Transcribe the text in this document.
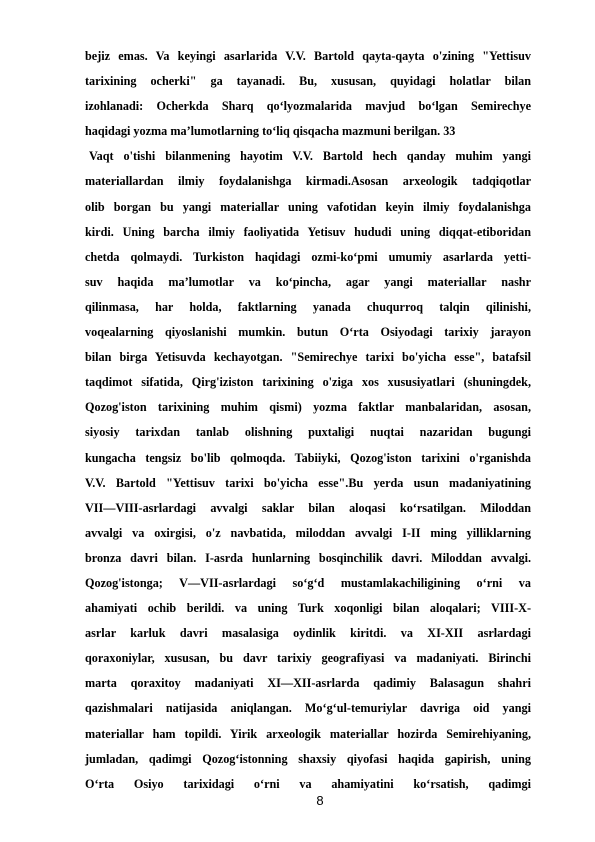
bejiz emas. Va keyingi asarlarida V.V. Bartold qayta-qayta o'zining "Yettisuv
tarixining ocherki" ga tayanadi. Bu, xususan, quyidagi holatlar bilan
izohlanadi: Ocherkda Sharq qo‘lyozmalarida mavjud bo‘lgan Semirechye
haqidagi yozma ma’lumotlarning to‘liq qisqacha mazmuni berilgan. 33
Vaqt o'tishi bilanmening hayotim V.V. Bartold hech qanday muhim yangi
materiallardan ilmiy foydalanishga kirmadi.Asosan arxeologik tadqiqotlar
olib borgan bu yangi materiallar uning vafotidan keyin ilmiy foydalanishga
kirdi. Uning barcha ilmiy faoliyatida Yetisuv hududi uning diqqat-etiboridan
chetda qolmaydi. Turkiston haqidagi ozmi-ko‘pmi umumiy asarlarda yetti-
suv haqida ma’lumotlar va ko‘pincha, agar yangi materiallar nashr
qilinmasa, har holda, faktlarning yanada chuqurroq talqin qilinishi,
voqealarning qiyoslanishi mumkin. butun O‘rta Osiyodagi tarixiy jarayon
bilan birga Yetisuvda kechayotgan. "Semirechye tarixi bo'yicha esse", batafsil
taqdimot sifatida, Qirg'iziston tarixining o'ziga xos xususiyatlari (shuningdek,
Qozog'iston tarixining muhim qismi) yozma faktlar manbalaridan, asosan,
siyosiy tarixdan tanlab olishning puxtaligi nuqtai nazaridan bugungi
kungacha tengsiz bo'lib qolmoqda. Tabiiyki, Qozog'iston tarixini o'rganishda
V.V. Bartold "Yettisuv tarixi bo'yicha esse".Bu yerda usun madaniyatining
VII—VIII-asrlardagi avvalgi saklar bilan aloqasi ko‘rsatilgan. Miloddan
avvalgi va oxirgisi, o'z navbatida, miloddan avvalgi I-II ming yilliklarning
bronza davri bilan. I-asrda hunlarning bosqinchilik davri. Miloddan avvalgi.
Qozog'istonga; V—VII-asrlardagi so‘g‘d mustamlakachiligining o‘rni va
ahamiyati ochib berildi. va uning Turk xoqonligi bilan aloqalari; VIII-X-
asrlar karluk davri masalasiga oydinlik kiritdi. va XI-XII asrlardagi
qoraxoniylar, xususan, bu davr tarixiy geografiyasi va madaniyati. Birinchi
marta qoraxitoy madaniyati XI—XII-asrlarda qadimiy Balasagun shahri
qazishmalari natijasida aniqlangan. Mo‘g‘ul-temuriylar davriga oid yangi
materiallar ham topildi. Yirik arxeologik materiallar hozirda Semirehiyaning,
jumladan, qadimgi Qozog‘istonning shaxsiy qiyofasi haqida gapirish, uning
O‘rta Osiyo tarixidagi o‘rni va ahamiyatini ko‘rsatish, qadimgi
8
